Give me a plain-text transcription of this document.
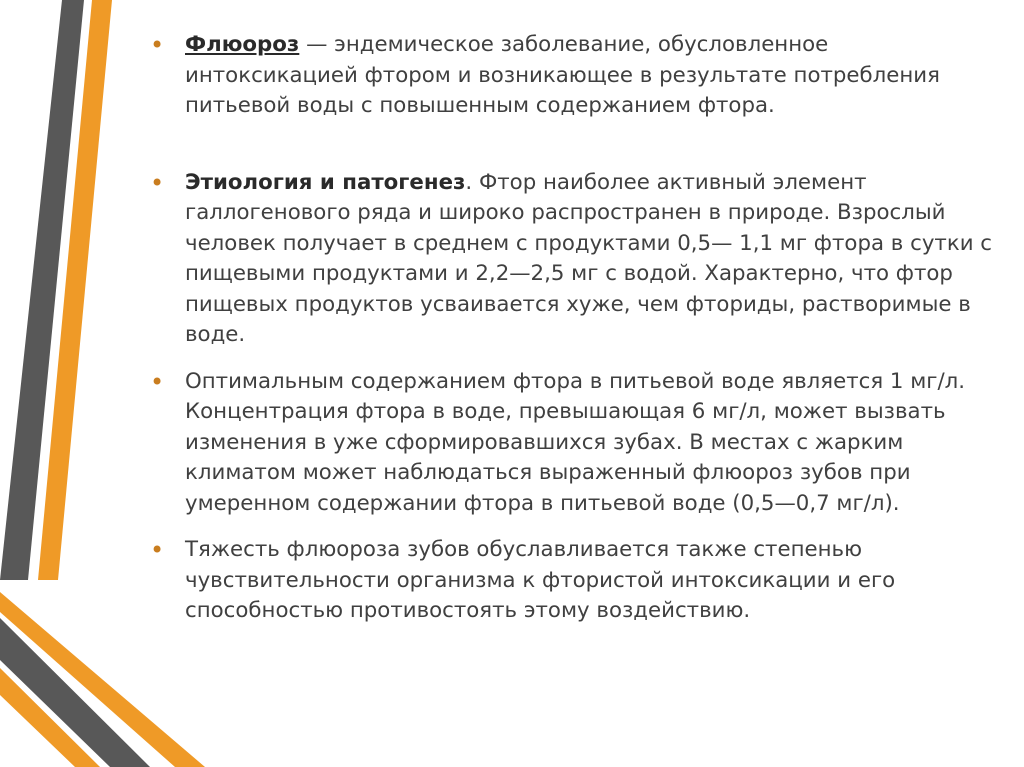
• Флюороз — эндемическое заболевание, обусловленное интоксикацией фтором и возникающее в результате потребления питьевой воды с повышенным содержанием фтора.
• Этиология и патогенез. Фтор наиболее активный элемент галлогенового ряда и широко распространен в природе. Взрослый человек получает в среднем с продуктами 0,5— 1,1 мг фтора в сутки с пищевыми продуктами и 2,2—2,5 мг с водой. Характерно, что фтор пищевых продуктов усваивается хуже, чем фториды, растворимые в воде.
• Оптимальным содержанием фтора в питьевой воде является 1 мг/л. Концентрация фтора в воде, превышающая 6 мг/л, может вызвать изменения в уже сформировавшихся зубах. В местах с жарким климатом может наблюдаться выраженный флюороз зубов при умеренном содержании фтора в питьевой воде (0,5—0,7 мг/л).
• Тяжесть флюороза зубов обуславливается также степенью чувствительности организма к фтористой интоксикации и его способностью противостоять этому воздействию.
